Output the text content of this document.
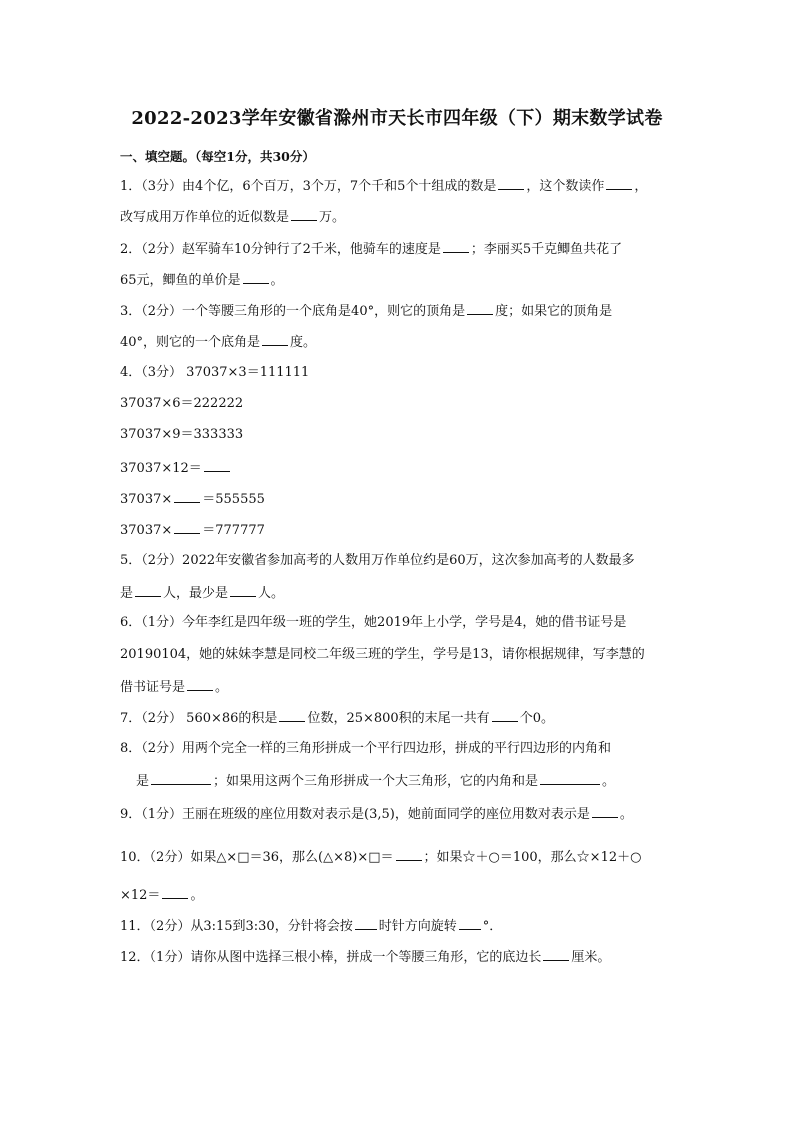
2022-2023学年安徽省滁州市天长市四年级（下）期末数学试卷
一、填空题。（每空1分，共30分）
1．（3分）由4个亿，6个百万，3个万，7个千和5个十组成的数是 ，这个数读作 ，
改写成用万作单位的近似数是 万。
2．（2分）赵军骑车10分钟行了2千米，他骑车的速度是 ；李丽买5千克鲫鱼共花了
65元，鲫鱼的单价是 。
3．（2分）一个等腰三角形的一个底角是40°，则它的顶角是 度；如果它的顶角是
40°，则它的一个底角是 度。
4．（3分） 37037×3＝111111
37037×6＝222222
37037×9＝333333
37037×12＝
37037× ＝555555
37037× ＝777777
5．（2分）2022年安徽省参加高考的人数用万作单位约是60万，这次参加高考的人数最多
是 人，最少是 人。
6．（1分）今年李红是四年级一班的学生，她2019年上小学，学号是4，她的借书证号是
20190104，她的妹妹李慧是同校二年级三班的学生，学号是13，请你根据规律，写李慧的
借书证号是 。
7．（2分） 560×86的积是 位数，25×800积的末尾一共有 个0。
8．（2分）用两个完全一样的三角形拼成一个平行四边形，拼成的平行四边形的内角和
是	；如果用这两个三角形拼成一个大三角形，它的内角和是	。
9．（1分）王丽在班级的座位用数对表示是(3,5)，她前面同学的座位用数对表示是 。
10．（2分）如果△×□＝36，那么(△×8)×□＝ ；如果☆＋○＝100，那么☆×12＋○
×12＝ 。
11．（2分）从3:15到3:30，分针将会按 时针方向旋转 °．
12．（1分）请你从图中选择三根小棒，拼成一个等腰三角形，它的底边长 厘米。
